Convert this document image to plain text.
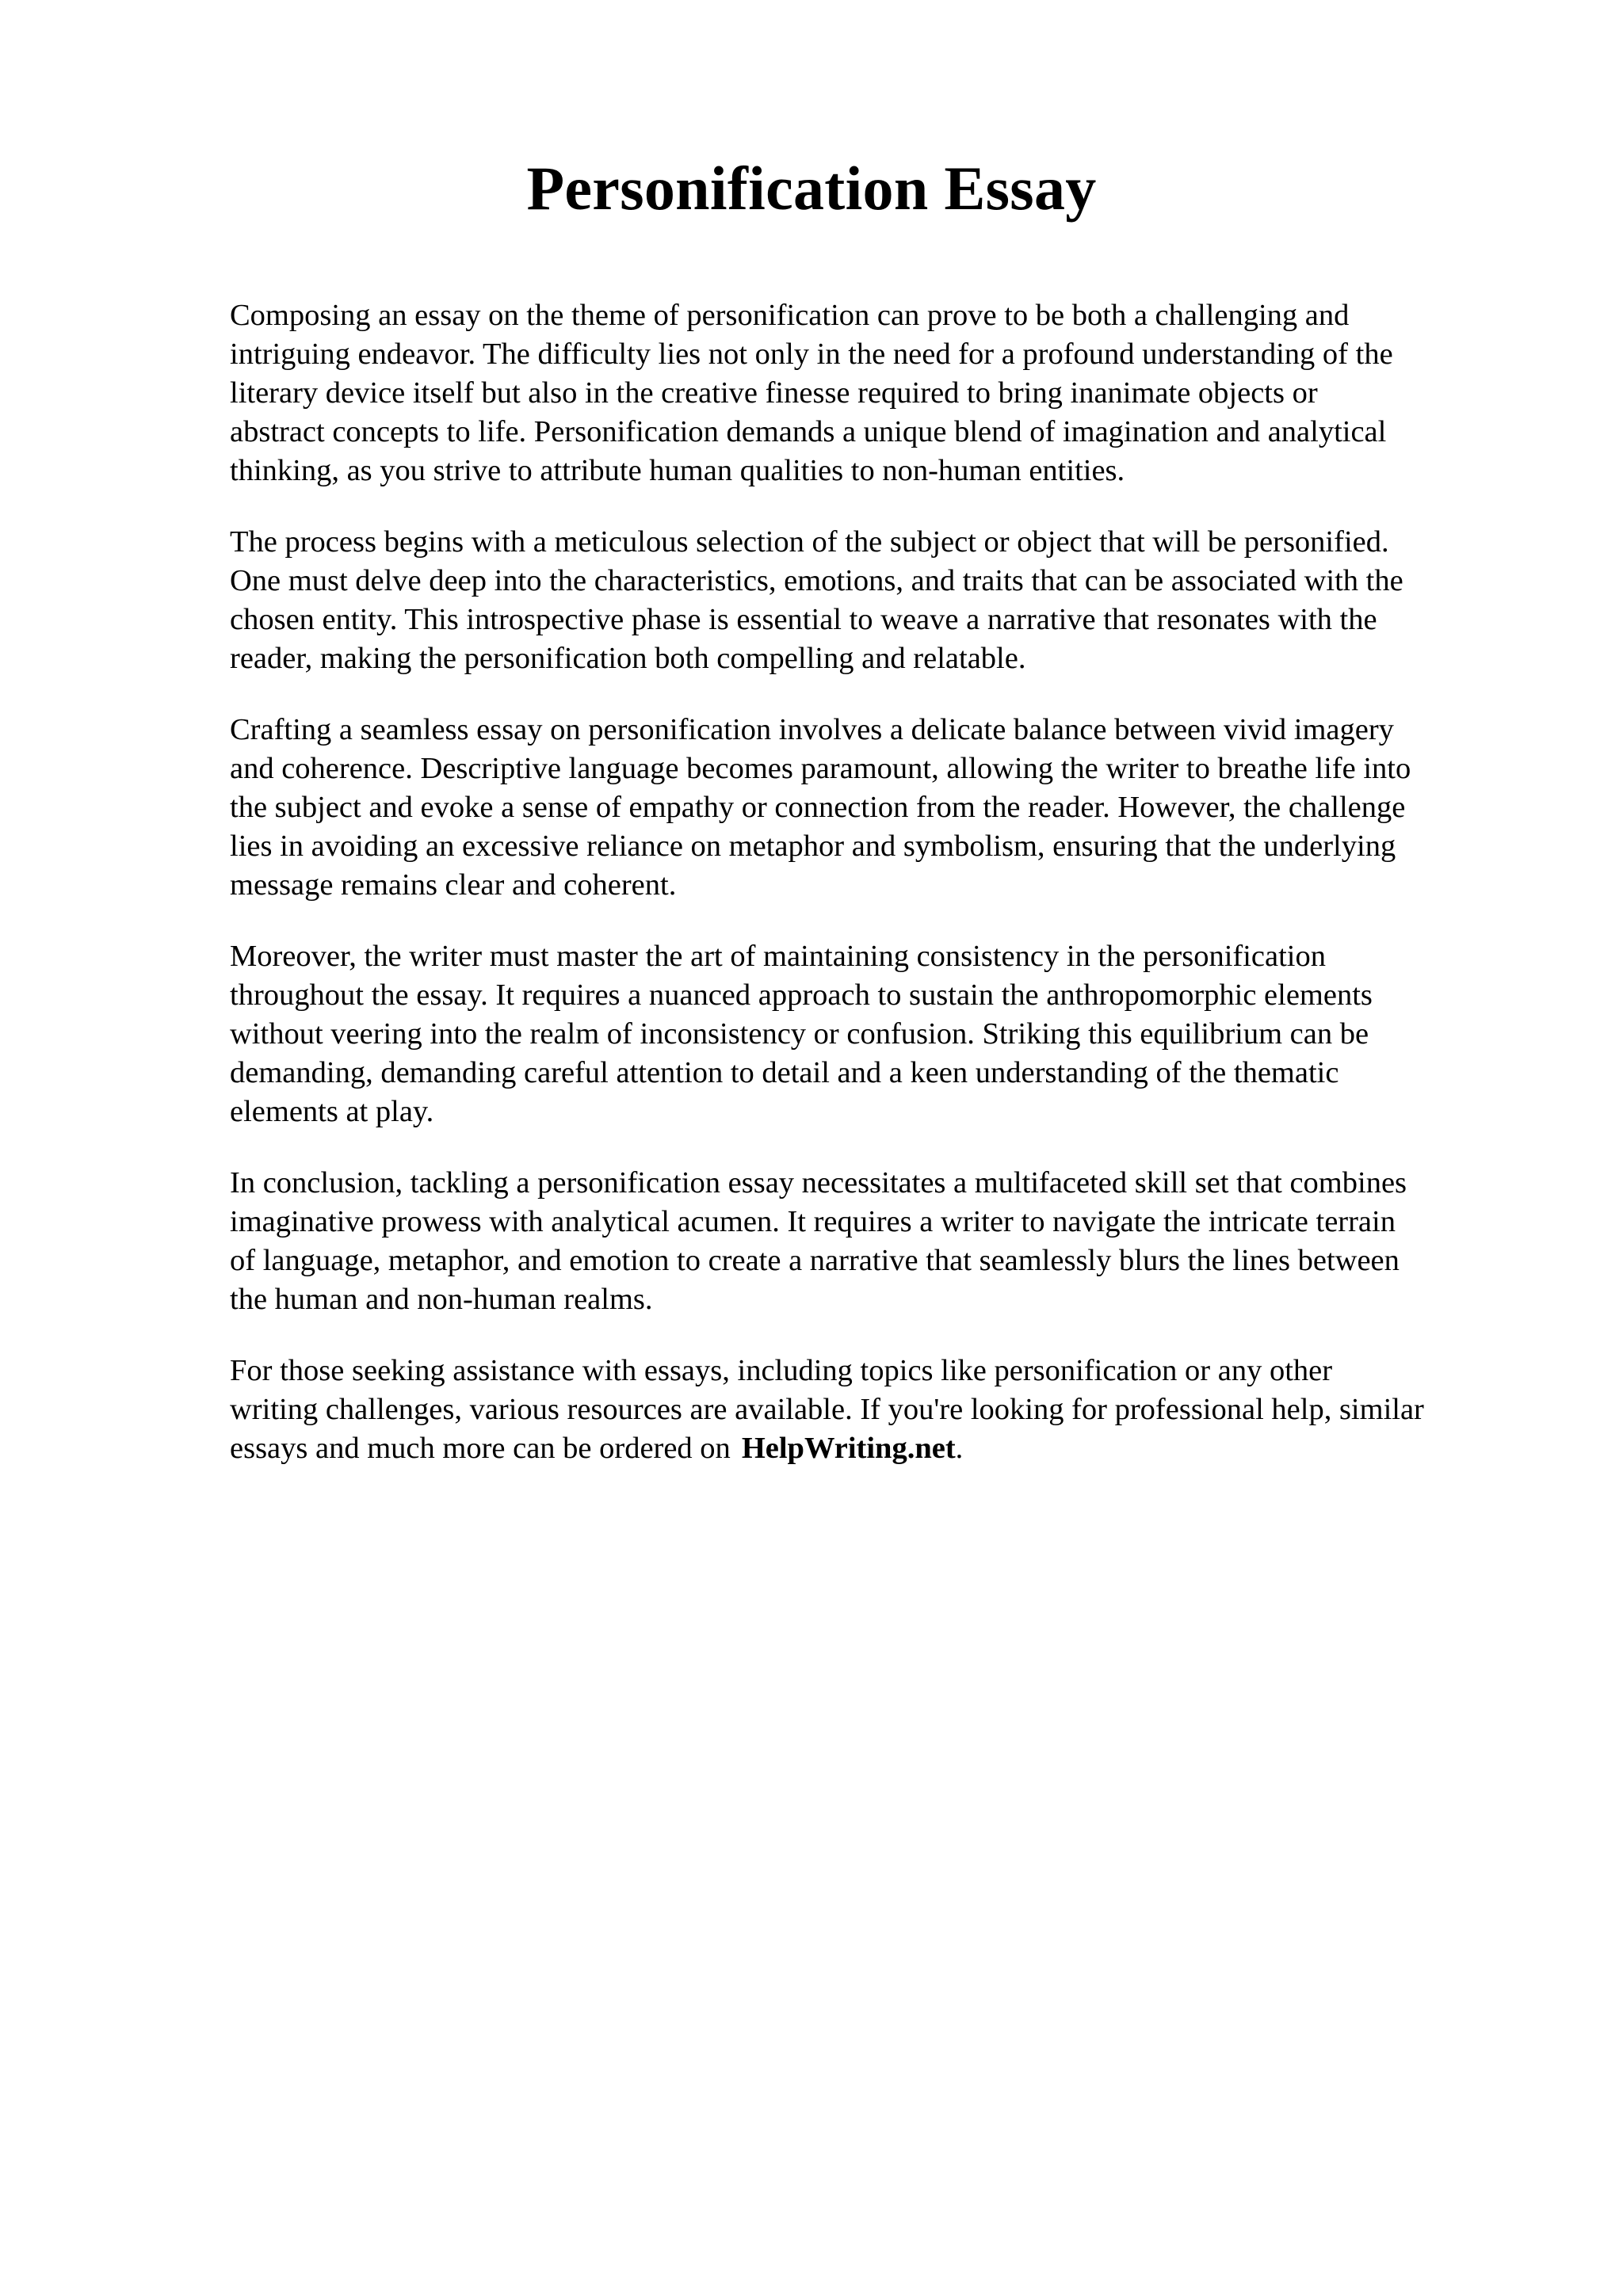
Personification Essay

Composing an essay on the theme of personification can prove to be both a challenging and
intriguing endeavor. The difficulty lies not only in the need for a profound understanding of the
literary device itself but also in the creative finesse required to bring inanimate objects or
abstract concepts to life. Personification demands a unique blend of imagination and analytical
thinking, as you strive to attribute human qualities to non-human entities.

The process begins with a meticulous selection of the subject or object that will be personified.
One must delve deep into the characteristics, emotions, and traits that can be associated with the
chosen entity. This introspective phase is essential to weave a narrative that resonates with the
reader, making the personification both compelling and relatable.

Crafting a seamless essay on personification involves a delicate balance between vivid imagery
and coherence. Descriptive language becomes paramount, allowing the writer to breathe life into
the subject and evoke a sense of empathy or connection from the reader. However, the challenge
lies in avoiding an excessive reliance on metaphor and symbolism, ensuring that the underlying
message remains clear and coherent.

Moreover, the writer must master the art of maintaining consistency in the personification
throughout the essay. It requires a nuanced approach to sustain the anthropomorphic elements
without veering into the realm of inconsistency or confusion. Striking this equilibrium can be
demanding, demanding careful attention to detail and a keen understanding of the thematic
elements at play.

In conclusion, tackling a personification essay necessitates a multifaceted skill set that combines
imaginative prowess with analytical acumen. It requires a writer to navigate the intricate terrain
of language, metaphor, and emotion to create a narrative that seamlessly blurs the lines between
the human and non-human realms.

For those seeking assistance with essays, including topics like personification or any other
writing challenges, various resources are available. If you're looking for professional help, similar
essays and much more can be ordered on HelpWriting.net.
